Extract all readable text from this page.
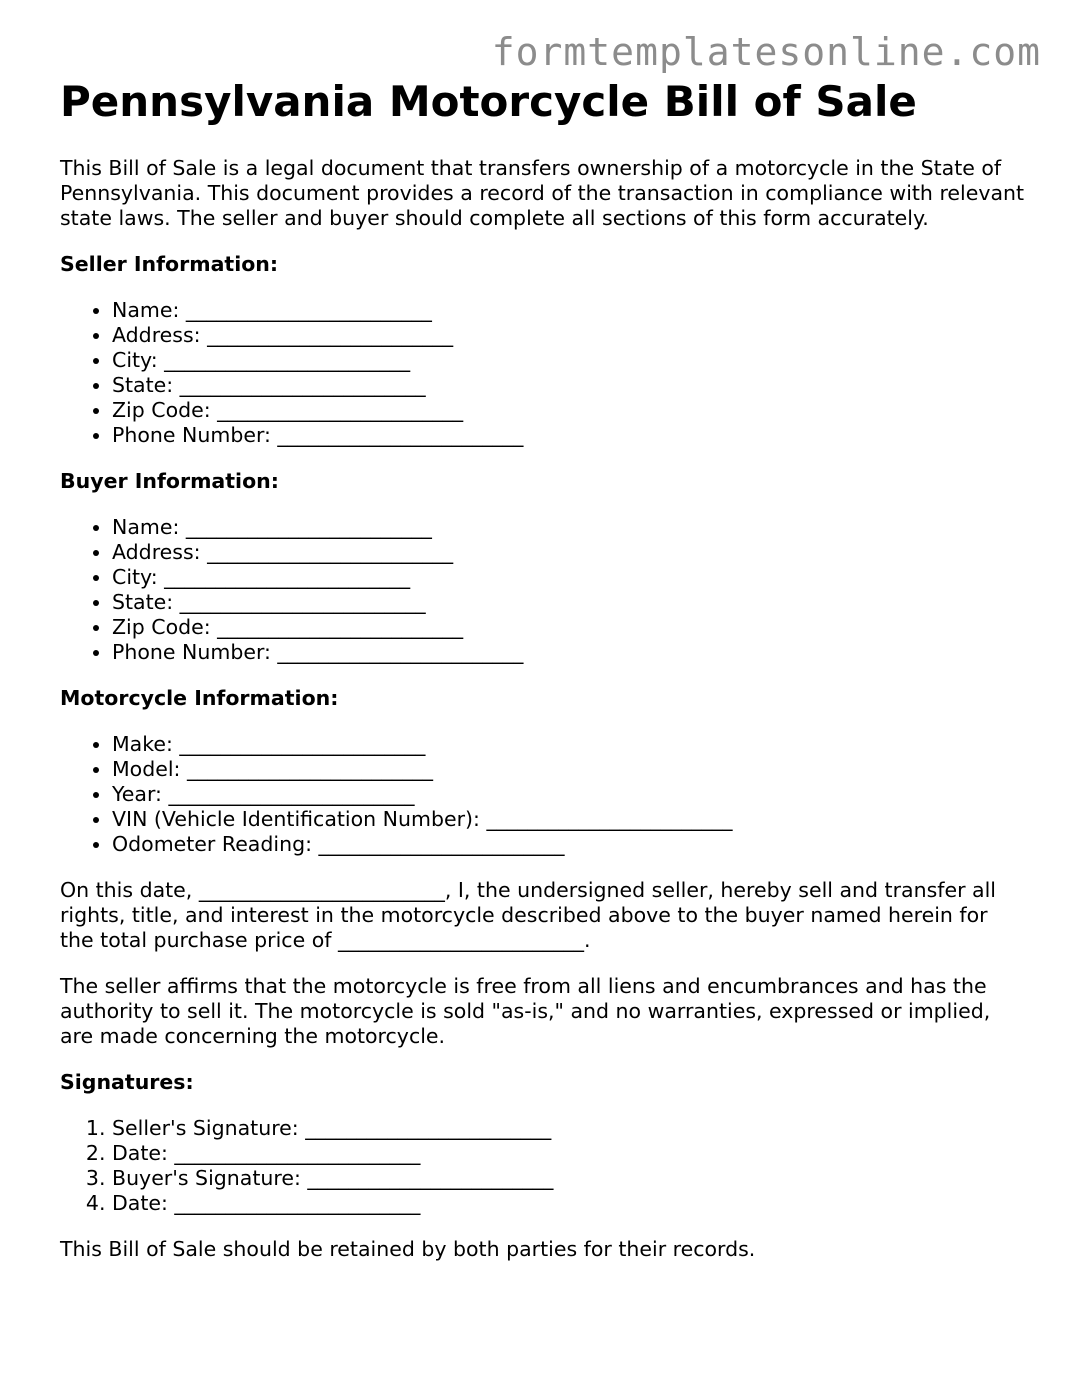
formtemplatesonline.com
Pennsylvania Motorcycle Bill of Sale

This Bill of Sale is a legal document that transfers ownership of a motorcycle in the State of Pennsylvania. This document provides a record of the transaction in compliance with relevant state laws. The seller and buyer should complete all sections of this form accurately.

Seller Information:
• Name: ________________________
• Address: ________________________
• City: ________________________
• State: ________________________
• Zip Code: ________________________
• Phone Number: ________________________
Buyer Information:
• Name: ________________________
• Address: ________________________
• City: ________________________
• State: ________________________
• Zip Code: ________________________
• Phone Number: ________________________
Motorcycle Information:
• Make: ________________________
• Model: ________________________
• Year: ________________________
• VIN (Vehicle Identification Number): ________________________
• Odometer Reading: ________________________

On this date, ________________________, I, the undersigned seller, hereby sell and transfer all rights, title, and interest in the motorcycle described above to the buyer named herein for the total purchase price of ________________________.

The seller affirms that the motorcycle is free from all liens and encumbrances and has the authority to sell it. The motorcycle is sold "as-is," and no warranties, expressed or implied, are made concerning the motorcycle.

Signatures:
1. Seller's Signature: ________________________
2. Date: ________________________
3. Buyer's Signature: ________________________
4. Date: ________________________

This Bill of Sale should be retained by both parties for their records.
